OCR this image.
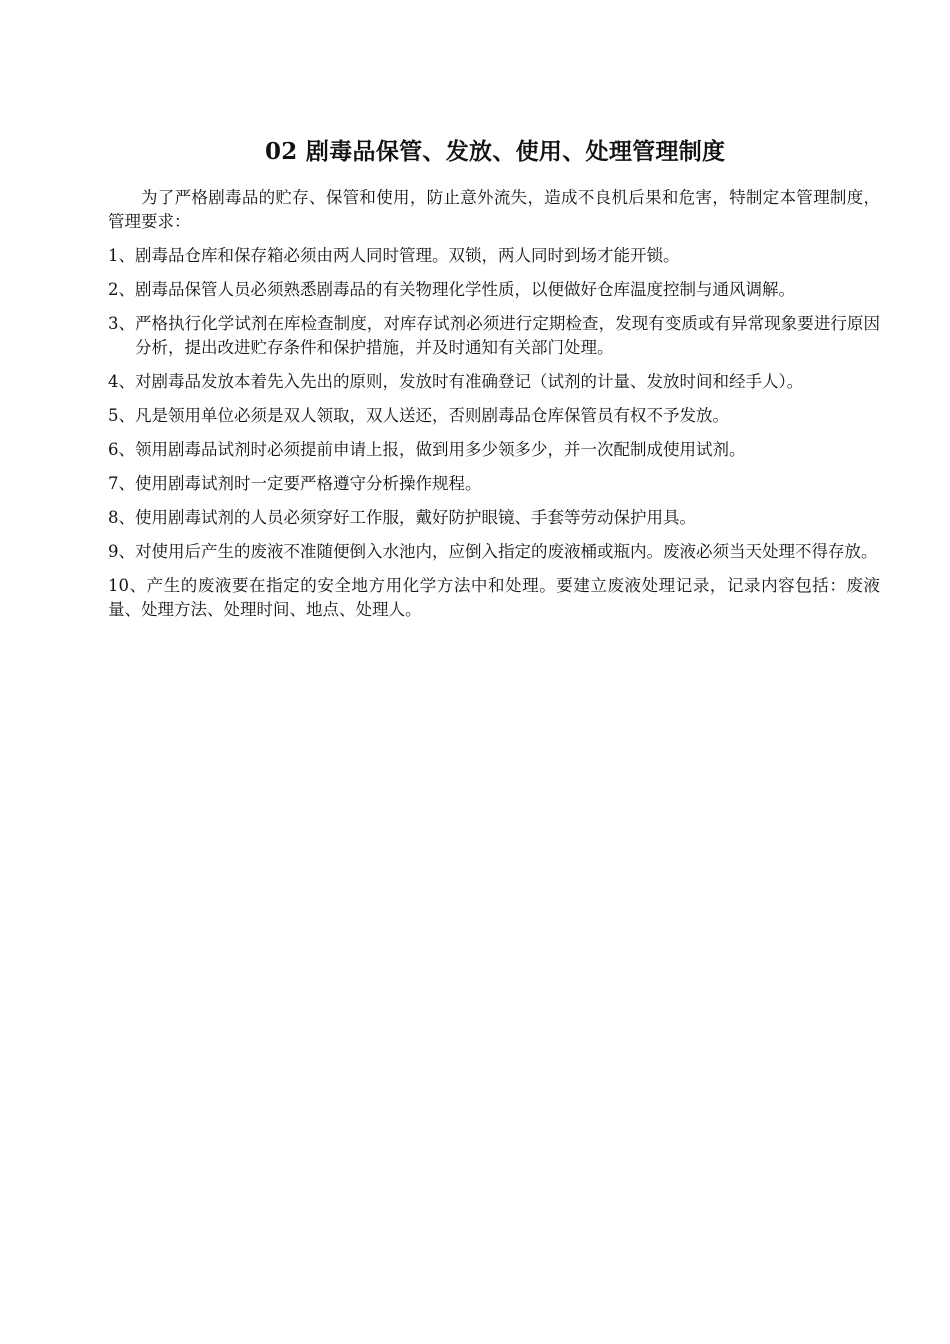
02 剧毒品保管、发放、使用、处理管理制度

为了严格剧毒品的贮存、保管和使用，防止意外流失，造成不良机后果和危害，特制定本管理制度，管理要求：

1、 剧毒品仓库和保存箱必须由两人同时管理。双锁，两人同时到场才能开锁。
2、 剧毒品保管人员必须熟悉剧毒品的有关物理化学性质，以便做好仓库温度控制与通风调解。
3、 严格执行化学试剂在库检查制度，对库存试剂必须进行定期检查，发现有变质或有异常现象要进行原因分析，提出改进贮存条件和保护措施，并及时通知有关部门处理。

4、对剧毒品发放本着先入先出的原则，发放时有准确登记（试剂的计量、发放时间和经手人）。

5、 凡是领用单位必须是双人领取，双人送还，否则剧毒品仓库保管员有权不予发放。
6、 领用剧毒品试剂时必须提前申请上报，做到用多少领多少，并一次配制成使用试剂。
7、 使用剧毒试剂时一定要严格遵守分析操作规程。
8、 使用剧毒试剂的人员必须穿好工作服，戴好防护眼镜、手套等劳动保护用具。
9、 对使用后产生的废液不准随便倒入水池内，应倒入指定的废液桶或瓶内。废液必须当天处理不得存放。

10、产生的废液要在指定的安全地方用化学方法中和处理。要建立废液处理记录，记录内容包括：废液量、处理方法、处理时间、地点、处理人。
